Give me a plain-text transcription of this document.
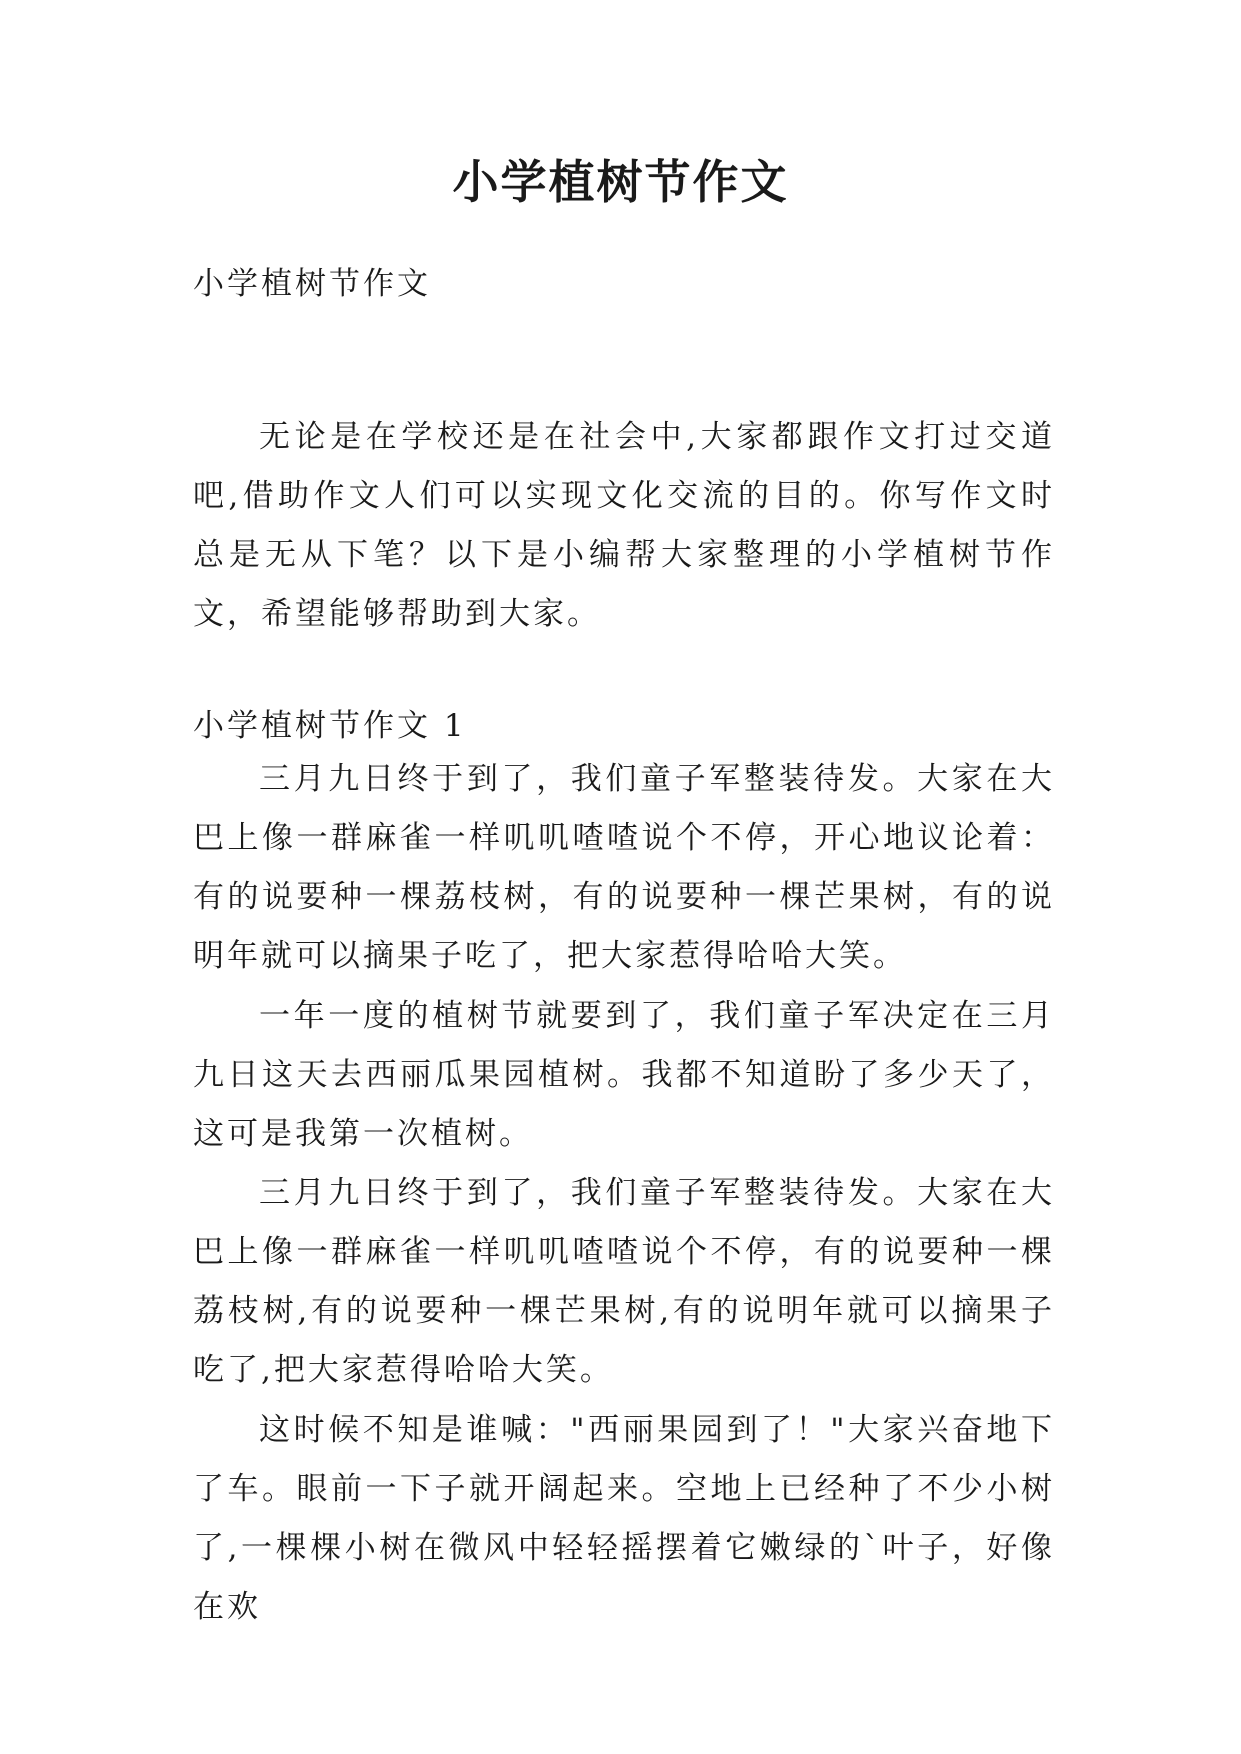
小学植树节作文

小学植树节作文

无论是在学校还是在社会中,大家都跟作文打过交道吧,借助作文人们可以实现文化交流的目的。你写作文时总是无从下笔？以下是小编帮大家整理的小学植树节作文，希望能够帮助到大家。

小学植树节作文 1

三月九日终于到了，我们童子军整装待发。大家在大巴上像一群麻雀一样叽叽喳喳说个不停，开心地议论着：有的说要种一棵荔枝树，有的说要种一棵芒果树，有的说明年就可以摘果子吃了，把大家惹得哈哈大笑。

一年一度的植树节就要到了，我们童子军决定在三月九日这天去西丽瓜果园植树。我都不知道盼了多少天了，这可是我第一次植树。

三月九日终于到了，我们童子军整装待发。大家在大巴上像一群麻雀一样叽叽喳喳说个不停，有的说要种一棵荔枝树,有的说要种一棵芒果树,有的说明年就可以摘果子吃了,把大家惹得哈哈大笑。

这时候不知是谁喊："西丽果园到了！"大家兴奋地下了车。眼前一下子就开阔起来。空地上已经种了不少小树了,一棵棵小树在微风中轻轻摇摆着它嫩绿的`叶子，好像在欢
